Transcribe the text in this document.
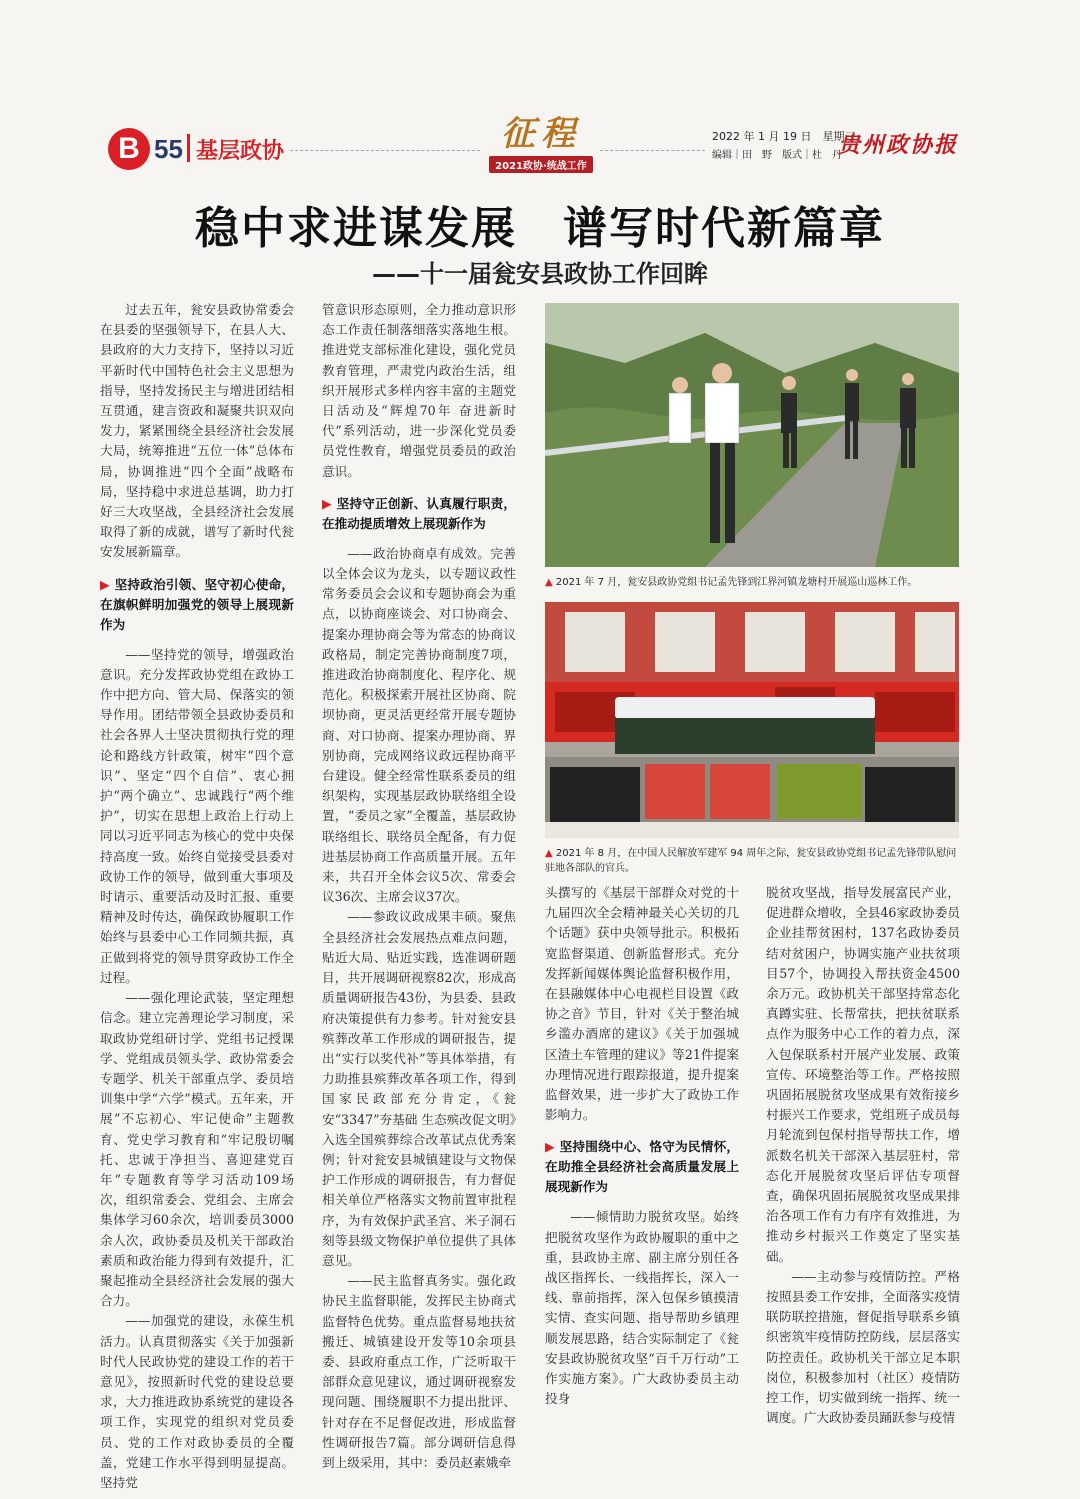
B 55 基层政协	征程
2021政协·统战工作
2022 年 1 月 19 日　星期三
编辑｜田　野　版式｜杜　丹
贵州政协报
稳中求进谋发展　谱写时代新篇章
——十一届瓮安县政协工作回眸

过去五年，瓮安县政协常委会在县委的坚强领导下，在县人大、县政府的大力支持下，坚持以习近平新时代中国特色社会主义思想为指导，坚持发扬民主与增进团结相互贯通，建言资政和凝聚共识双向发力，紧紧围绕全县经济社会发展大局，统筹推进“五位一体”总体布局，协调推进“四个全面”战略布局，坚持稳中求进总基调，助力打好三大攻坚战，全县经济社会发展取得了新的成就，谱写了新时代瓮安发展新篇章。

▶ 坚持政治引领、坚守初心使命，在旗帜鲜明加强党的领导上展现新作为

——坚持党的领导，增强政治意识。充分发挥政协党组在政协工作中把方向、管大局、保落实的领导作用。团结带领全县政协委员和社会各界人士坚决贯彻执行党的理论和路线方针政策，树牢“四个意识”、坚定“四个自信”、衷心拥护“两个确立”、忠诚践行“两个维护”，切实在思想上政治上行动上同以习近平同志为核心的党中央保持高度一致。始终自觉接受县委对政协工作的领导，做到重大事项及时请示、重要活动及时汇报、重要精神及时传达，确保政协履职工作始终与县委中心工作同频共振，真正做到将党的领导贯穿政协工作全过程。

——强化理论武装，坚定理想信念。建立完善理论学习制度，采取政协党组研讨学、党组书记授课学、党组成员领头学、政协常委会专题学、机关干部重点学、委员培训集中学“六学”模式。五年来，开展“不忘初心、牢记使命”主题教育、党史学习教育和“牢记殷切嘱托、忠诚于净担当、喜迎建党百年”专题教育等学习活动109场次，组织常委会、党组会、主席会集体学习60余次，培训委员3000余人次，政协委员及机关干部政治素质和政治能力得到有效提升，汇聚起推动全县经济社会发展的强大合力。

——加强党的建设，永葆生机活力。认真贯彻落实《关于加强新时代人民政协党的建设工作的若干意见》，按照新时代党的建设总要求，大力推进政协系统党的建设各项工作，实现党的组织对党员委员、党的工作对政协委员的全覆盖，党建工作水平得到明显提高。坚持党

管意识形态原则，全力推动意识形态工作责任制落细落实落地生根。推进党支部标准化建设，强化党员教育管理，严肃党内政治生活，组织开展形式多样内容丰富的主题党日活动及“辉煌70年 奋进新时代”系列活动，进一步深化党员委员党性教育，增强党员委员的政治意识。

▶ 坚持守正创新、认真履行职责，在推动提质增效上展现新作为

——政治协商卓有成效。完善以全体会议为龙头，以专题议政性常务委员会会议和专题协商会为重点，以协商座谈会、对口协商会、提案办理协商会等为常态的协商议政格局，制定完善协商制度7项，推进政治协商制度化、程序化、规范化。积极探索开展社区协商、院坝协商，更灵活更经常开展专题协商、对口协商、提案办理协商、界别协商，完成网络议政远程协商平台建设。健全经常性联系委员的组织架构，实现基层政协联络组全设置，“委员之家”全覆盖，基层政协联络组长、联络员全配备，有力促进基层协商工作高质量开展。五年来，共召开全体会议5次、常委会议36次、主席会议37次。

——参政议政成果丰硕。聚焦全县经济社会发展热点难点问题，贴近大局、贴近实践，选准调研题目，共开展调研视察82次，形成高质量调研报告43份，为县委、县政府决策提供有力参考。针对瓮安县殡葬改革工作形成的调研报告，提出“实行以奖代补”等具体举措，有力助推县殡葬改革各项工作，得到国家民政部充分肯定，《瓮安“3347”夯基础 生态殡改促文明》入选全国殡葬综合改革试点优秀案例；针对瓮安县城镇建设与文物保护工作形成的调研报告，有力督促相关单位严格落实文物前置审批程序，为有效保护武圣宫、米子洞石刻等县级文物保护单位提供了具体意见。

——民主监督真务实。强化政协民主监督职能，发挥民主协商式监督特色优势。重点监督易地扶贫搬迁、城镇建设开发等10余项县委、县政府重点工作，广泛听取干部群众意见建议，通过调研视察发现问题、围绕履职不力提出批评、针对存在不足督促改进，形成监督性调研报告7篇。部分调研信息得到上级采用，其中：委员赵素娥牵

▲ 2021 年 7 月，瓮安县政协党组书记孟先锋到江界河镇龙塘村开展巡山巡林工作。
▲ 2021 年 8 月，在中国人民解放军建军 94 周年之际，瓮安县政协党组书记孟先锋带队慰问驻地各部队的官兵。

头撰写的《基层干部群众对党的十九届四次全会精神最关心关切的几个话题》获中央领导批示。积极拓宽监督渠道、创新监督形式。充分发挥新闻媒体舆论监督积极作用，在县融媒体中心电视栏目设置《政协之音》节目，针对《关于整治城乡滥办酒席的建议》《关于加强城区渣土车管理的建议》等21件提案办理情况进行跟踪报道，提升提案监督效果，进一步扩大了政协工作影响力。

▶ 坚持围绕中心、恪守为民情怀，在助推全县经济社会高质量发展上展现新作为

——倾情助力脱贫攻坚。始终把脱贫攻坚作为政协履职的重中之重，县政协主席、副主席分别任各战区指挥长、一线指挥长，深入一线、靠前指挥，深入包保乡镇摸清实情、查实问题、指导帮助乡镇理顺发展思路，结合实际制定了《瓮安县政协脱贫攻坚“百千万行动”工作实施方案》。广大政协委员主动投身

脱贫攻坚战，指导发展富民产业，促进群众增收，全县46家政协委员企业挂帮贫困村，137名政协委员结对贫困户，协调实施产业扶贫项目57个，协调投入帮扶资金4500余万元。政协机关干部坚持常态化真蹲实驻、长帮常扶，把扶贫联系点作为服务中心工作的着力点，深入包保联系村开展产业发展、政策宣传、环境整治等工作。严格按照巩固拓展脱贫攻坚成果有效衔接乡村振兴工作要求，党组班子成员每月轮流到包保村指导帮扶工作，增派数名机关干部深入基层驻村，常态化开展脱贫攻坚后评估专项督查，确保巩固拓展脱贫攻坚成果排治各项工作有力有序有效推进，为推动乡村振兴工作奠定了坚实基础。

——主动参与疫情防控。严格按照县委工作安排，全面落实疫情联防联控措施，督促指导联系乡镇织密筑牢疫情防控防线，层层落实防控责任。政协机关干部立足本职岗位，积极参加村（社区）疫情防控工作，切实做到统一指挥、统一调度。广大政协委员踊跃参与疫情
